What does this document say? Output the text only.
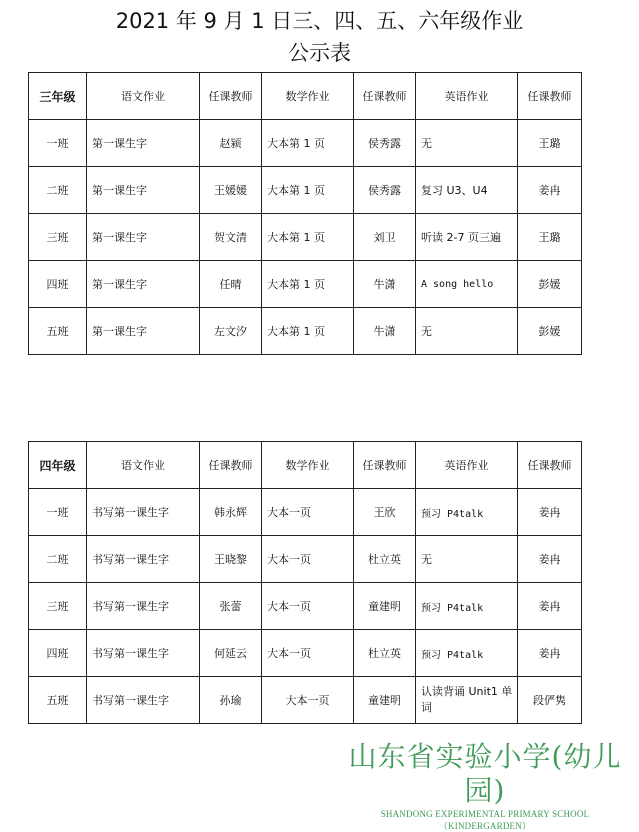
2021 年 9 月 1 日三、四、五、六年级作业
公示表
三年级	语文作业	任课教师	数学作业	任课教师	英语作业	任课教师
一班	第一课生字	赵颍	大本第 1 页	侯秀露	无	王璐
二班	第一课生字	王媛媛	大本第 1 页	侯秀露	复习 U3、U4	姜冉
三班	第一课生字	贺文清	大本第 1 页	刘卫	听读 2-7 页三遍	王璐
四班	第一课生字	任晴	大本第 1 页	牛潇	A song hello	彭媛
五班	第一课生字	左文汐	大本第 1 页	牛潇	无	彭媛
四年级	语文作业	任课教师	数学作业	任课教师	英语作业	任课教师
一班	书写第一课生字	韩永辉	大本一页	王欣	预习 P4talk	姜冉
二班	书写第一课生字	王晓黎	大本一页	杜立英	无	姜冉
三班	书写第一课生字	张蕾	大本一页	童建明	预习 P4talk	姜冉
四班	书写第一课生字	何延云	大本一页	杜立英	预习 P4talk	姜冉
五班	书写第一课生字	孙瑜	大本一页	童建明	认读背诵 Unit1 单词	段俨隽
山东省实验小学(幼儿园)
SHANDONG EXPERIMENTAL PRIMARY SCHOOL（KINDERGARDEN）
